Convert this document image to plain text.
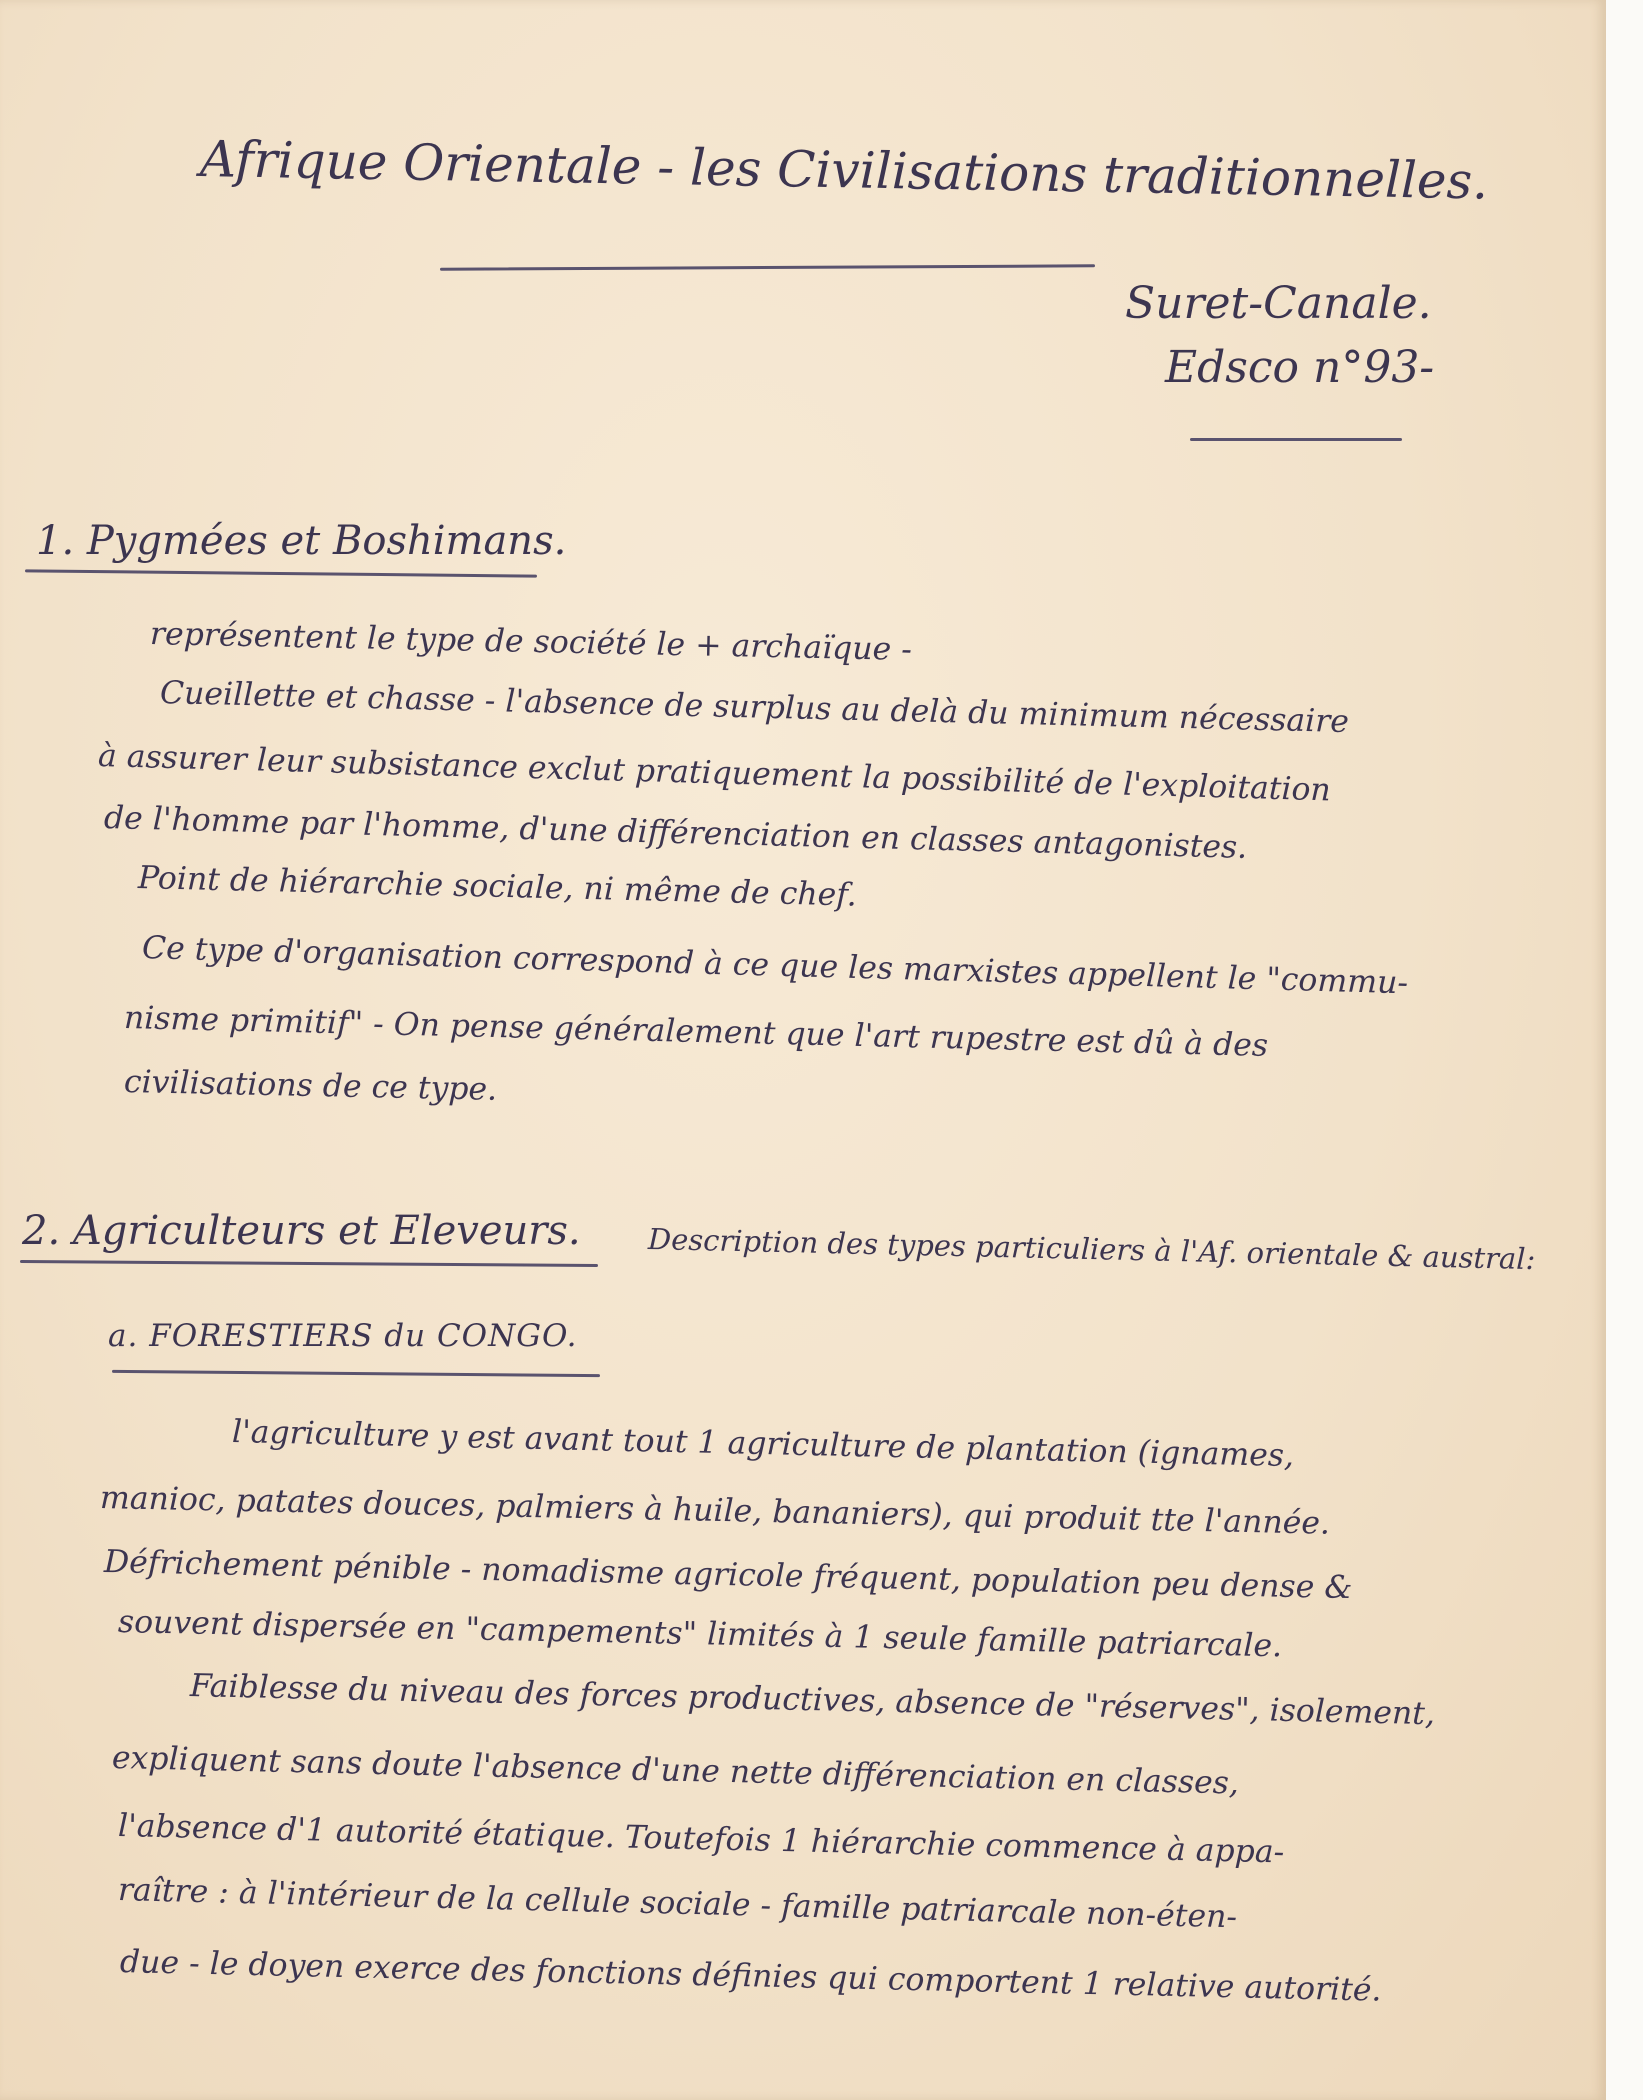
Afrique Orientale - les Civilisations traditionnelles.
Suret-Canale.
Edsco n°93-
1. Pygmées et Boshimans.
représentent le type de société le + archaïque -
Cueillette et chasse - l'absence de surplus au delà du minimum nécessaire
à assurer leur subsistance exclut pratiquement la possibilité de l'exploitation
de l'homme par l'homme, d'une différenciation en classes antagonistes.
Point de hiérarchie sociale, ni même de chef.
Ce type d'organisation correspond à ce que les marxistes appellent le "commu-
nisme primitif" - On pense généralement que l'art rupestre est dû à des
civilisations de ce type.
2. Agriculteurs et Eleveurs. Description des types particuliers à l'Af. orientale & austral:
a. FORESTIERS du CONGO.
l'agriculture y est avant tout 1 agriculture de plantation (ignames,
manioc, patates douces, palmiers à huile, bananiers), qui produit tte l'année.
Défrichement pénible - nomadisme agricole fréquent, population peu dense &
souvent dispersée en "campements" limités à 1 seule famille patriarcale.
Faiblesse du niveau des forces productives, absence de "réserves", isolement,
expliquent sans doute l'absence d'une nette différenciation en classes,
l'absence d'1 autorité étatique. Toutefois 1 hiérarchie commence à appa-
raître : à l'intérieur de la cellule sociale - famille patriarcale non-éten-
due - le doyen exerce des fonctions définies qui comportent 1 relative autorité.
